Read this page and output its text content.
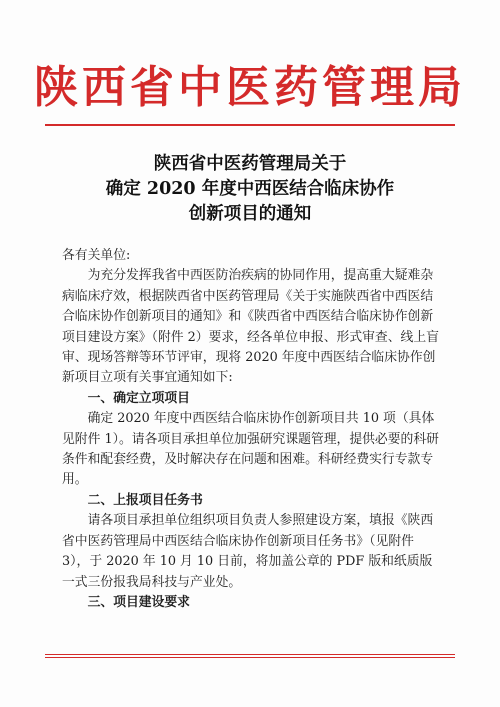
陕西省中医药管理局
陕西省中医药管理局关于
确定 2020 年度中西医结合临床协作
创新项目的通知

各有关单位:

为充分发挥我省中西医防治疾病的协同作用，提高重大疑难杂病临床疗效，根据陕西省中医药管理局《关于实施陕西省中西医结合临床协作创新项目的通知》和《陕西省中西医结合临床协作创新项目建设方案》（附件 2）要求，经各单位申报、形式审查、线上盲审、现场答辩等环节评审，现将 2020 年度中西医结合临床协作创新项目立项有关事宜通知如下:

一、确定立项项目

确定 2020 年度中西医结合临床协作创新项目共 10 项（具体见附件 1）。请各项目承担单位加强研究课题管理，提供必要的科研条件和配套经费，及时解决存在问题和困难。科研经费实行专款专用。

二、上报项目任务书

请各项目承担单位组织项目负责人参照建设方案，填报《陕西省中医药管理局中西医结合临床协作创新项目任务书》（见附件 3），于 2020 年 10 月 10 日前，将加盖公章的 PDF 版和纸质版一式三份报我局科技与产业处。

三、项目建设要求
